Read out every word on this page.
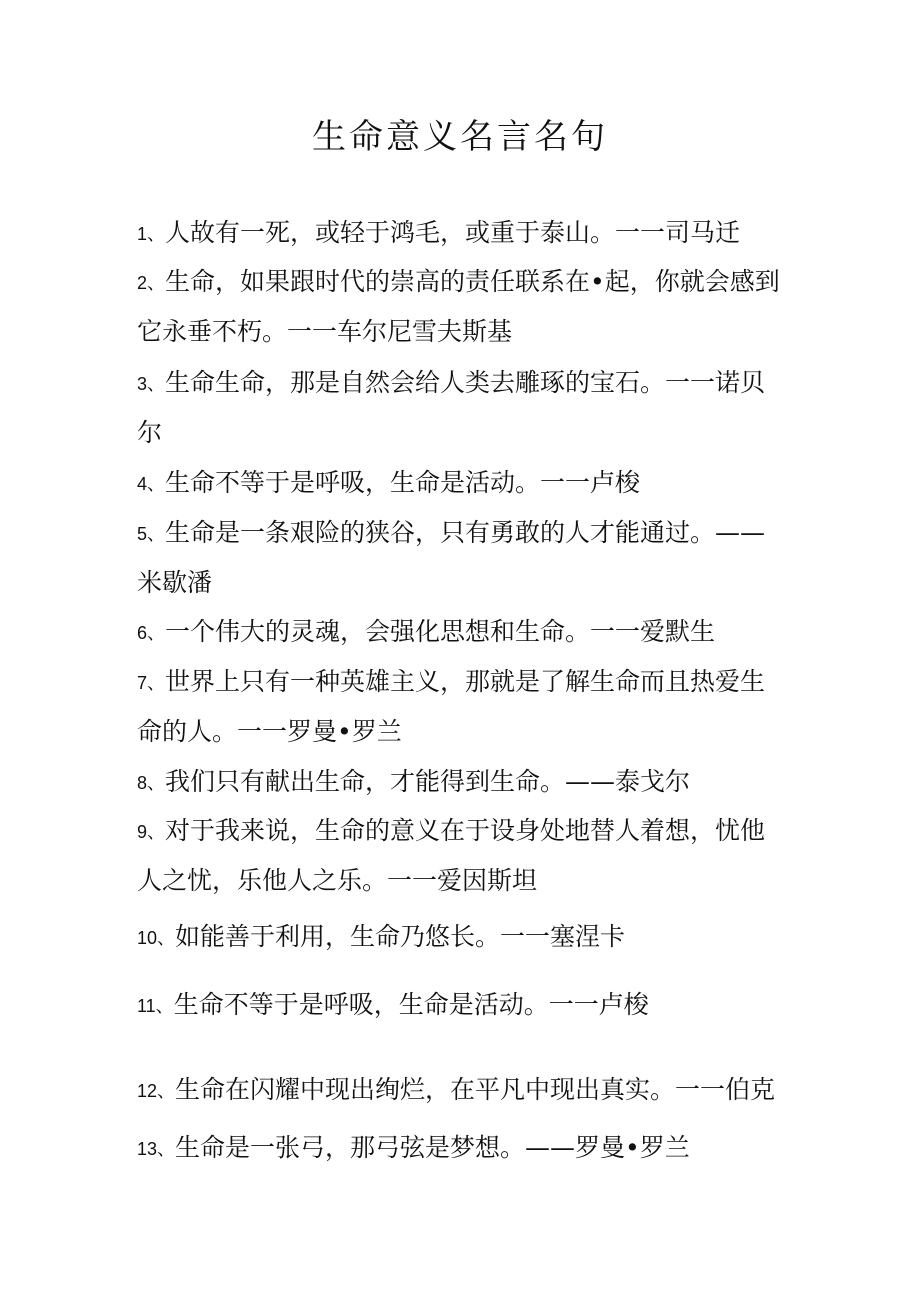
生命意义名言名句
1、人故有一死，或轻于鸿毛，或重于泰山。一一司马迁
2、生命，如果跟时代的崇高的责任联系在•起，你就会感到
它永垂不朽。一一车尔尼雪夫斯基
3、生命生命，那是自然会给人类去雕琢的宝石。一一诺贝
尔
4、生命不等于是呼吸，生命是活动。一一卢梭
5、生命是一条艰险的狭谷，只有勇敢的人才能通过。——
米歇潘
6、一个伟大的灵魂，会强化思想和生命。一一爱默生
7、世界上只有一种英雄主义，那就是了解生命而且热爱生
命的人。一一罗曼•罗兰
8、我们只有献出生命，才能得到生命。——泰戈尔
9、对于我来说，生命的意义在于设身处地替人着想，忧他
人之忧，乐他人之乐。一一爱因斯坦
10、如能善于利用，生命乃悠长。一一塞涅卡
11、生命不等于是呼吸，生命是活动。一一卢梭
12、生命在闪耀中现出绚烂，在平凡中现出真实。一一伯克
13、生命是一张弓，那弓弦是梦想。——罗曼•罗兰
